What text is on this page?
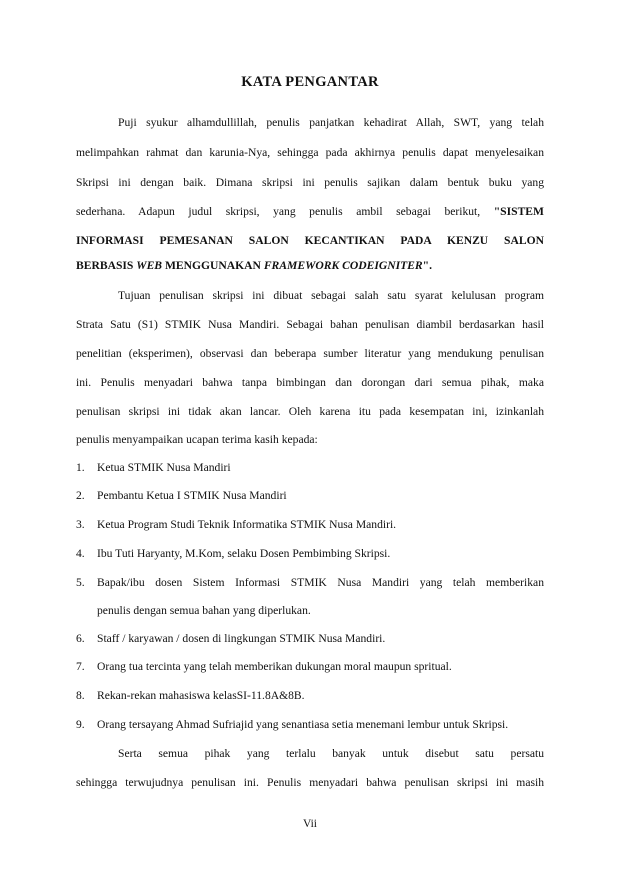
KATA PENGANTAR
Puji syukur alhamdullillah, penulis panjatkan kehadirat Allah, SWT, yang telah
melimpahkan rahmat dan karunia-Nya, sehingga pada akhirnya penulis dapat menyelesaikan
Skripsi ini dengan baik. Dimana skripsi ini penulis sajikan dalam bentuk buku yang
sederhana. Adapun judul skripsi, yang penulis ambil sebagai berikut, "SISTEM
INFORMASI PEMESANAN SALON KECANTIKAN PADA KENZU SALON
BERBASIS WEB MENGGUNAKAN FRAMEWORK CODEIGNITER".
Tujuan penulisan skripsi ini dibuat sebagai salah satu syarat kelulusan program
Strata Satu (S1) STMIK Nusa Mandiri. Sebagai bahan penulisan diambil berdasarkan hasil
penelitian (eksperimen), observasi dan beberapa sumber literatur yang mendukung penulisan
ini. Penulis menyadari bahwa tanpa bimbingan dan dorongan dari semua pihak, maka
penulisan skripsi ini tidak akan lancar. Oleh karena itu pada kesempatan ini, izinkanlah
penulis menyampaikan ucapan terima kasih kepada:
1. Ketua STMIK Nusa Mandiri
2. Pembantu Ketua I STMIK Nusa Mandiri
3. Ketua Program Studi Teknik Informatika STMIK Nusa Mandiri.
4. Ibu Tuti Haryanty, M.Kom, selaku Dosen Pembimbing Skripsi.
5. Bapak/ibu dosen Sistem Informasi STMIK Nusa Mandiri yang telah memberikan
penulis dengan semua bahan yang diperlukan.
6. Staff / karyawan / dosen di lingkungan STMIK Nusa Mandiri.
7. Orang tua tercinta yang telah memberikan dukungan moral maupun spritual.
8. Rekan-rekan mahasiswa kelasSI-11.8A&8B.
9. Orang tersayang Ahmad Sufriajid yang senantiasa setia menemani lembur untuk Skripsi.
Serta semua pihak yang terlalu banyak untuk disebut satu persatu
sehingga terwujudnya penulisan ini. Penulis menyadari bahwa penulisan skripsi ini masih
Vii
